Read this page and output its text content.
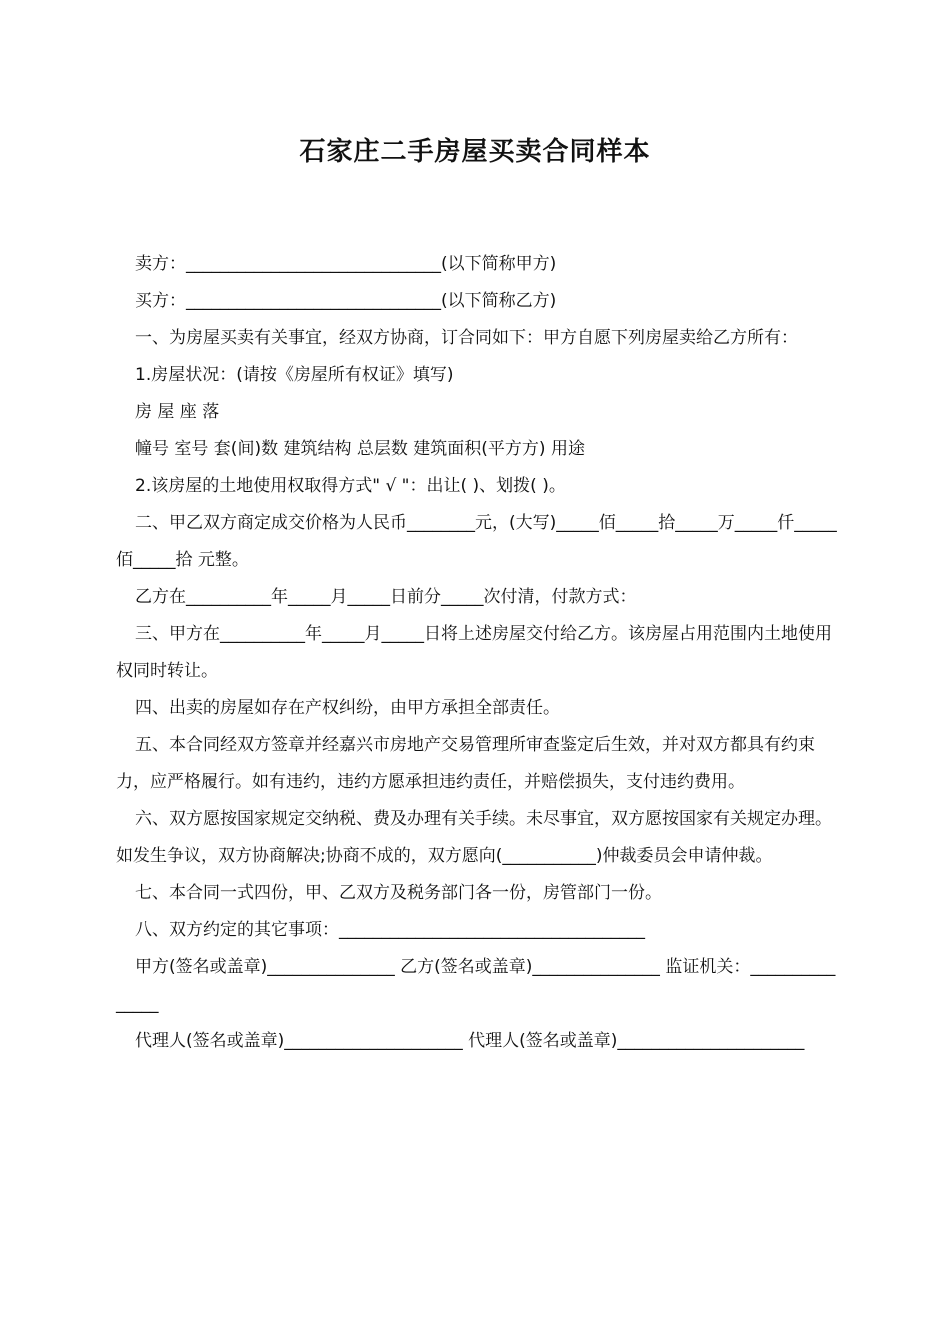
石家庄二手房屋买卖合同样本

卖方：______________________________(以下简称甲方)

买方：______________________________(以下简称乙方)

一、为房屋买卖有关事宜，经双方协商，订合同如下：甲方自愿下列房屋卖给乙方所有：

1.房屋状况：(请按《房屋所有权证》填写)

房 屋 座 落

幢号 室号 套(间)数 建筑结构 总层数 建筑面积(平方方) 用途

2.该房屋的土地使用权取得方式" √ "：出让( )、划拨( )。

二、甲乙双方商定成交价格为人民币________元，(大写)_____佰_____拾_____万_____仟_____佰_____拾 元整。

乙方在__________年_____月_____日前分_____次付清，付款方式：

三、甲方在__________年_____月_____日将上述房屋交付给乙方。该房屋占用范围内土地使用权同时转让。

四、出卖的房屋如存在产权纠纷，由甲方承担全部责任。

五、本合同经双方签章并经嘉兴市房地产交易管理所审查鉴定后生效，并对双方都具有约束力，应严格履行。如有违约，违约方愿承担违约责任，并赔偿损失，支付违约费用。

六、双方愿按国家规定交纳税、费及办理有关手续。未尽事宜，双方愿按国家有关规定办理。如发生争议，双方协商解决;协商不成的，双方愿向(___________)仲裁委员会申请仲裁。

七、本合同一式四份，甲、乙双方及税务部门各一份，房管部门一份。

八、双方约定的其它事项：____________________________________

甲方(签名或盖章)_______________ 乙方(签名或盖章)_______________ 监证机关：_______________

代理人(签名或盖章)_____________________ 代理人(签名或盖章)______________________
